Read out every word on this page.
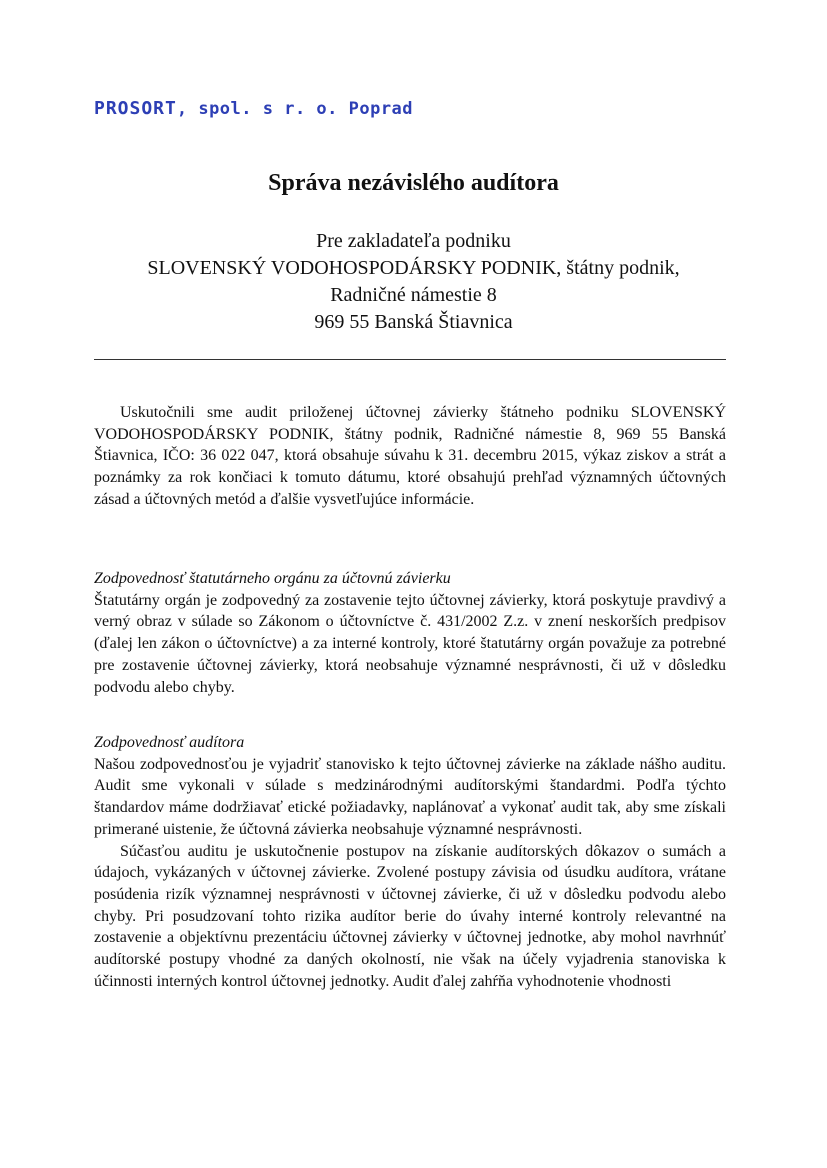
PROSORT, spol. s r. o. Poprad
Správa nezávislého audítora
Pre zakladateľa podniku
SLOVENSKÝ VODOHOSPODÁRSKY PODNIK, štátny podnik,
Radničné námestie 8
969 55 Banská Štiavnica

Uskutočnili sme audit priloženej účtovnej závierky štátneho podniku SLOVENSKÝ VODOHOSPODÁRSKY PODNIK, štátny podnik, Radničné námestie 8, 969 55 Banská Štiavnica, IČO: 36 022 047, ktorá obsahuje súvahu k 31. decembru 2015, výkaz ziskov a strát a poznámky za rok končiaci k tomuto dátumu, ktoré obsahujú prehľad významných účtovných zásad a účtovných metód a ďalšie vysvetľujúce informácie.

Zodpovednosť štatutárneho orgánu za účtovnú závierku

Štatutárny orgán je zodpovedný za zostavenie tejto účtovnej závierky, ktorá poskytuje pravdivý a verný obraz v súlade so Zákonom o účtovníctve č. 431/2002 Z.z. v znení neskorších predpisov (ďalej len zákon o účtovníctve) a za interné kontroly, ktoré štatutárny orgán považuje za potrebné pre zostavenie účtovnej závierky, ktorá neobsahuje významné nesprávnosti, či už v dôsledku podvodu alebo chyby.

Zodpovednosť audítora

Našou zodpovednosťou je vyjadriť stanovisko k tejto účtovnej závierke na základe nášho auditu. Audit sme vykonali v súlade s medzinárodnými audítorskými štandardmi. Podľa týchto štandardov máme dodržiavať etické požiadavky, naplánovať a vykonať audit tak, aby sme získali primerané uistenie, že účtovná závierka neobsahuje významné nesprávnosti.

Súčasťou auditu je uskutočnenie postupov na získanie audítorských dôkazov o sumách a údajoch, vykázaných v účtovnej závierke. Zvolené postupy závisia od úsudku audítora, vrátane posúdenia rizík významnej nesprávnosti v účtovnej závierke, či už v dôsledku podvodu alebo chyby. Pri posudzovaní tohto rizika audítor berie do úvahy interné kontroly relevantné na zostavenie a objektívnu prezentáciu účtovnej závierky v účtovnej jednotke, aby mohol navrhnúť audítorské postupy vhodné za daných okolností, nie však na účely vyjadrenia stanoviska k účinnosti interných kontrol účtovnej jednotky. Audit ďalej zahŕňa vyhodnotenie vhodnosti
